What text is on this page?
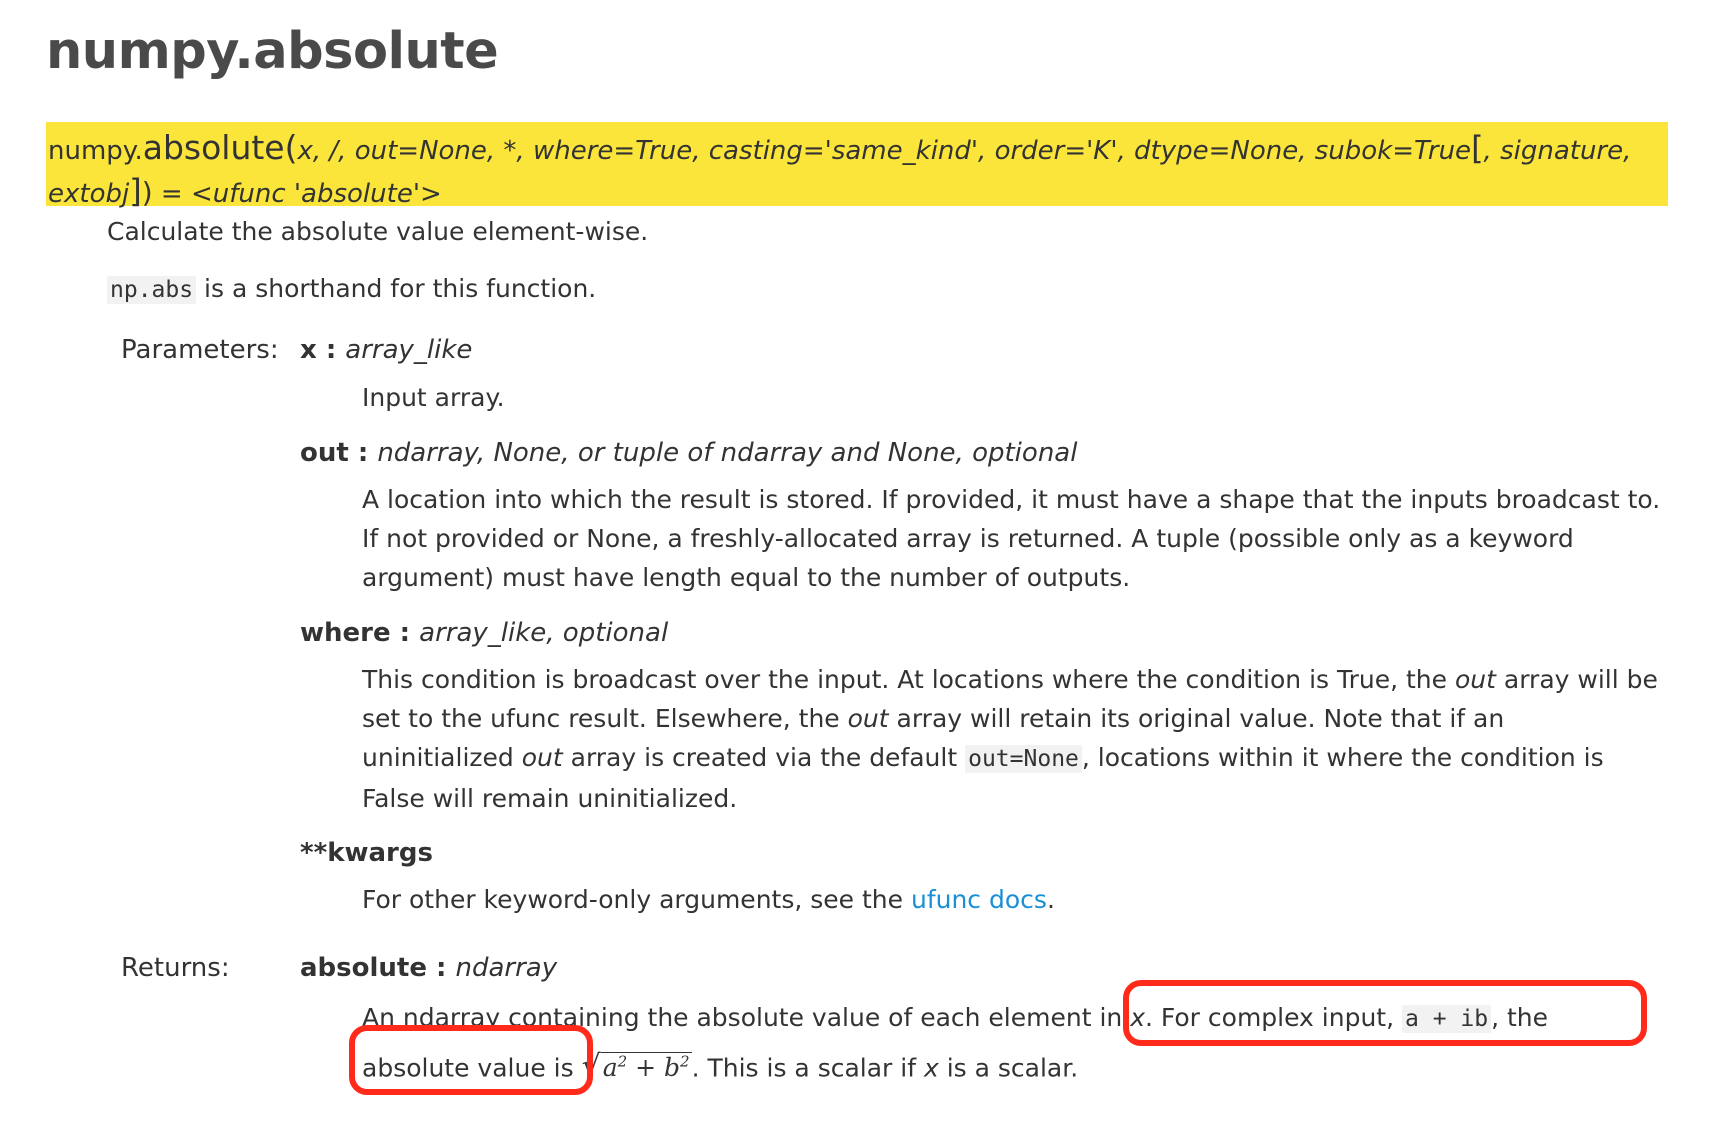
numpy.absolute
numpy.absolute(x, /, out=None, *, where=True, casting='same_kind', order='K', dtype=None, subok=True[, signature,
extobj]) = <ufunc 'absolute'>
Calculate the absolute value element-wise.
np.abs is a shorthand for this function.
Parameters: x : array_like
Input array.
out : ndarray, None, or tuple of ndarray and None, optional
A location into which the result is stored. If provided, it must have a shape that the inputs broadcast to. If not provided or None, a freshly-allocated array is returned. A tuple (possible only as a keyword argument) must have length equal to the number of outputs.
where : array_like, optional
This condition is broadcast over the input. At locations where the condition is True, the out array will be set to the ufunc result. Elsewhere, the out array will retain its original value. Note that if an uninitialized out array is created via the default out=None , locations within it where the condition is False will remain uninitialized.
**kwargs
For other keyword-only arguments, see the ufunc docs.
Returns:	absolute : ndarray
An ndarray containing the absolute value of each element in x. For complex input, a + ib , the absolute value is $√a^2 + b^2$. This is a scalar if x is a scalar.
